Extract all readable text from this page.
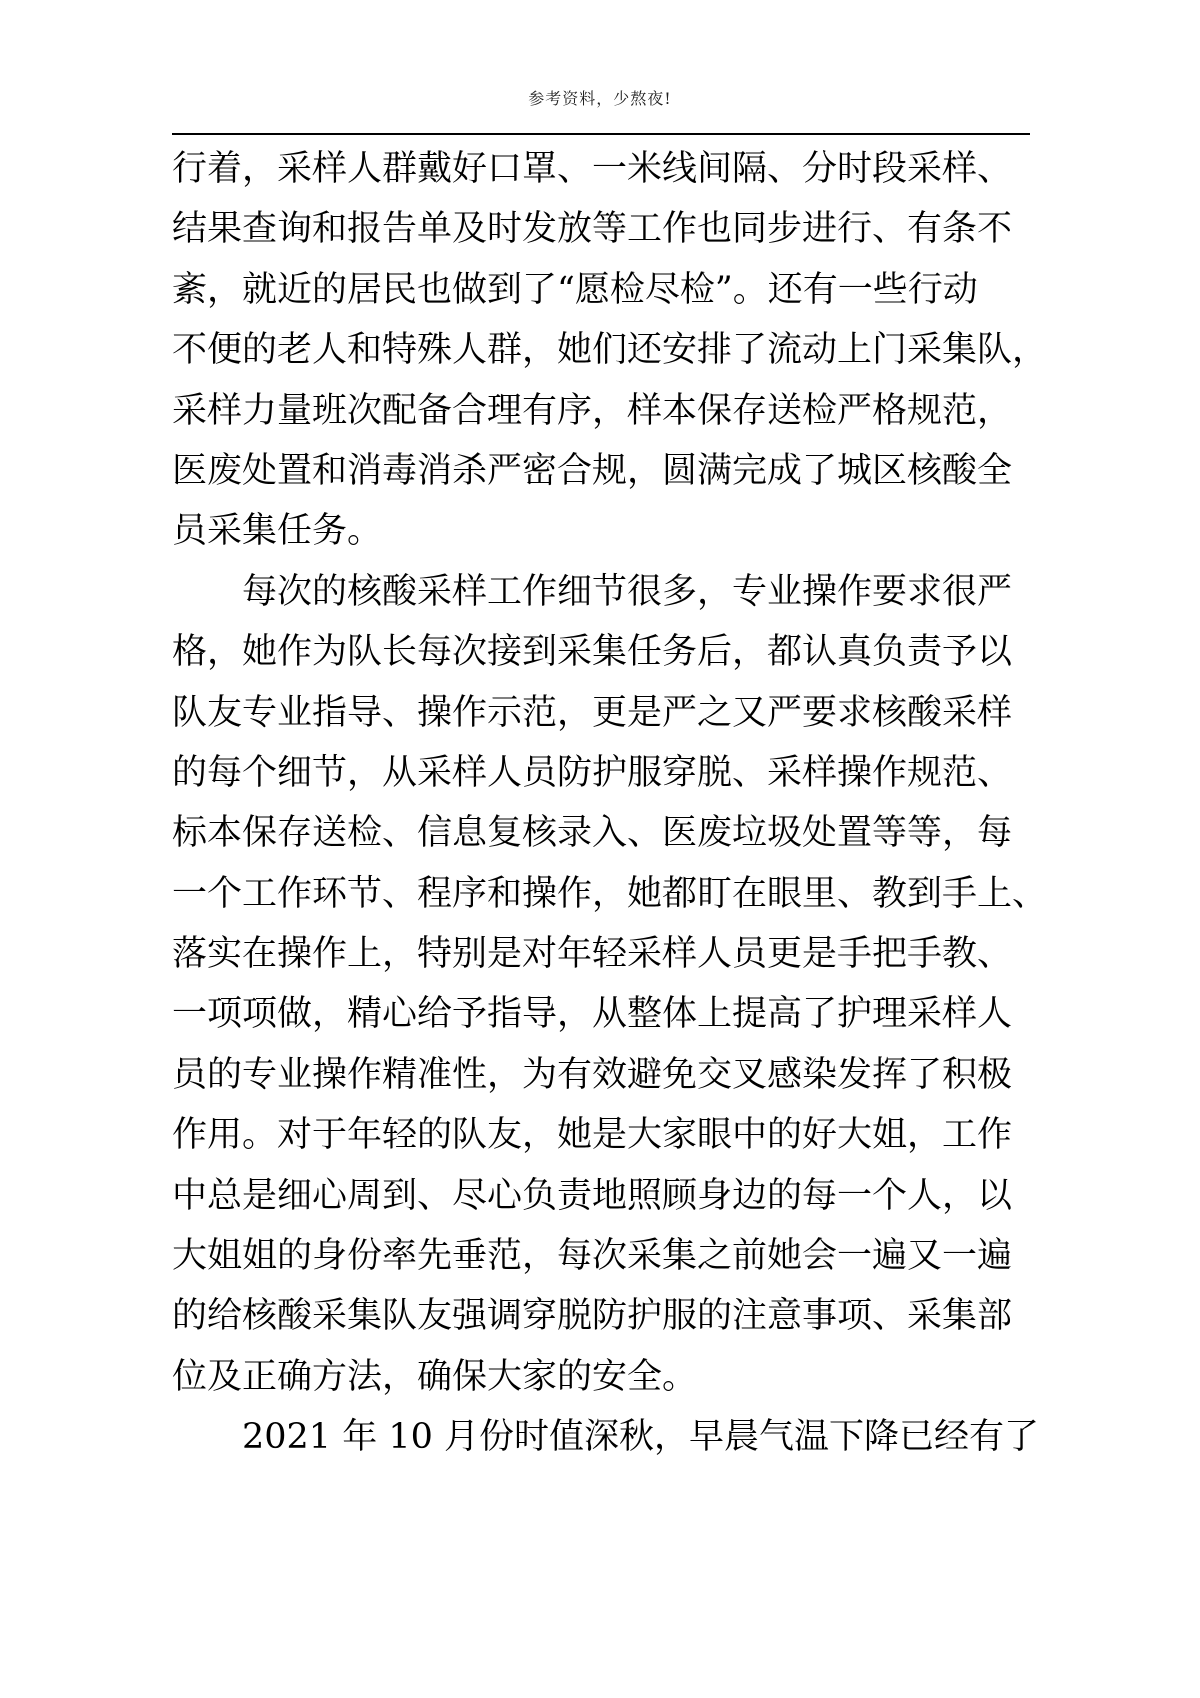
参考资料，少熬夜!
行着，采样人群戴好口罩、一米线间隔、分时段采样、
结果查询和报告单及时发放等工作也同步进行、有条不
紊，就近的居民也做到了“愿检尽检”。还有一些行动
不便的老人和特殊人群，她们还安排了流动上门采集队，
采样力量班次配备合理有序，样本保存送检严格规范，
医废处置和消毒消杀严密合规，圆满完成了城区核酸全
员采集任务。
每次的核酸采样工作细节很多，专业操作要求很严
格，她作为队长每次接到采集任务后，都认真负责予以
队友专业指导、操作示范，更是严之又严要求核酸采样
的每个细节，从采样人员防护服穿脱、采样操作规范、
标本保存送检、信息复核录入、医废垃圾处置等等，每
一个工作环节、程序和操作，她都盯在眼里、教到手上、
落实在操作上，特别是对年轻采样人员更是手把手教、
一项项做，精心给予指导，从整体上提高了护理采样人
员的专业操作精准性，为有效避免交叉感染发挥了积极
作用。对于年轻的队友，她是大家眼中的好大姐，工作
中总是细心周到、尽心负责地照顾身边的每一个人，以
大姐姐的身份率先垂范，每次采集之前她会一遍又一遍
的给核酸采集队友强调穿脱防护服的注意事项、采集部
位及正确方法，确保大家的安全。
2021 年 10 月份时值深秋，早晨气温下降已经有了
